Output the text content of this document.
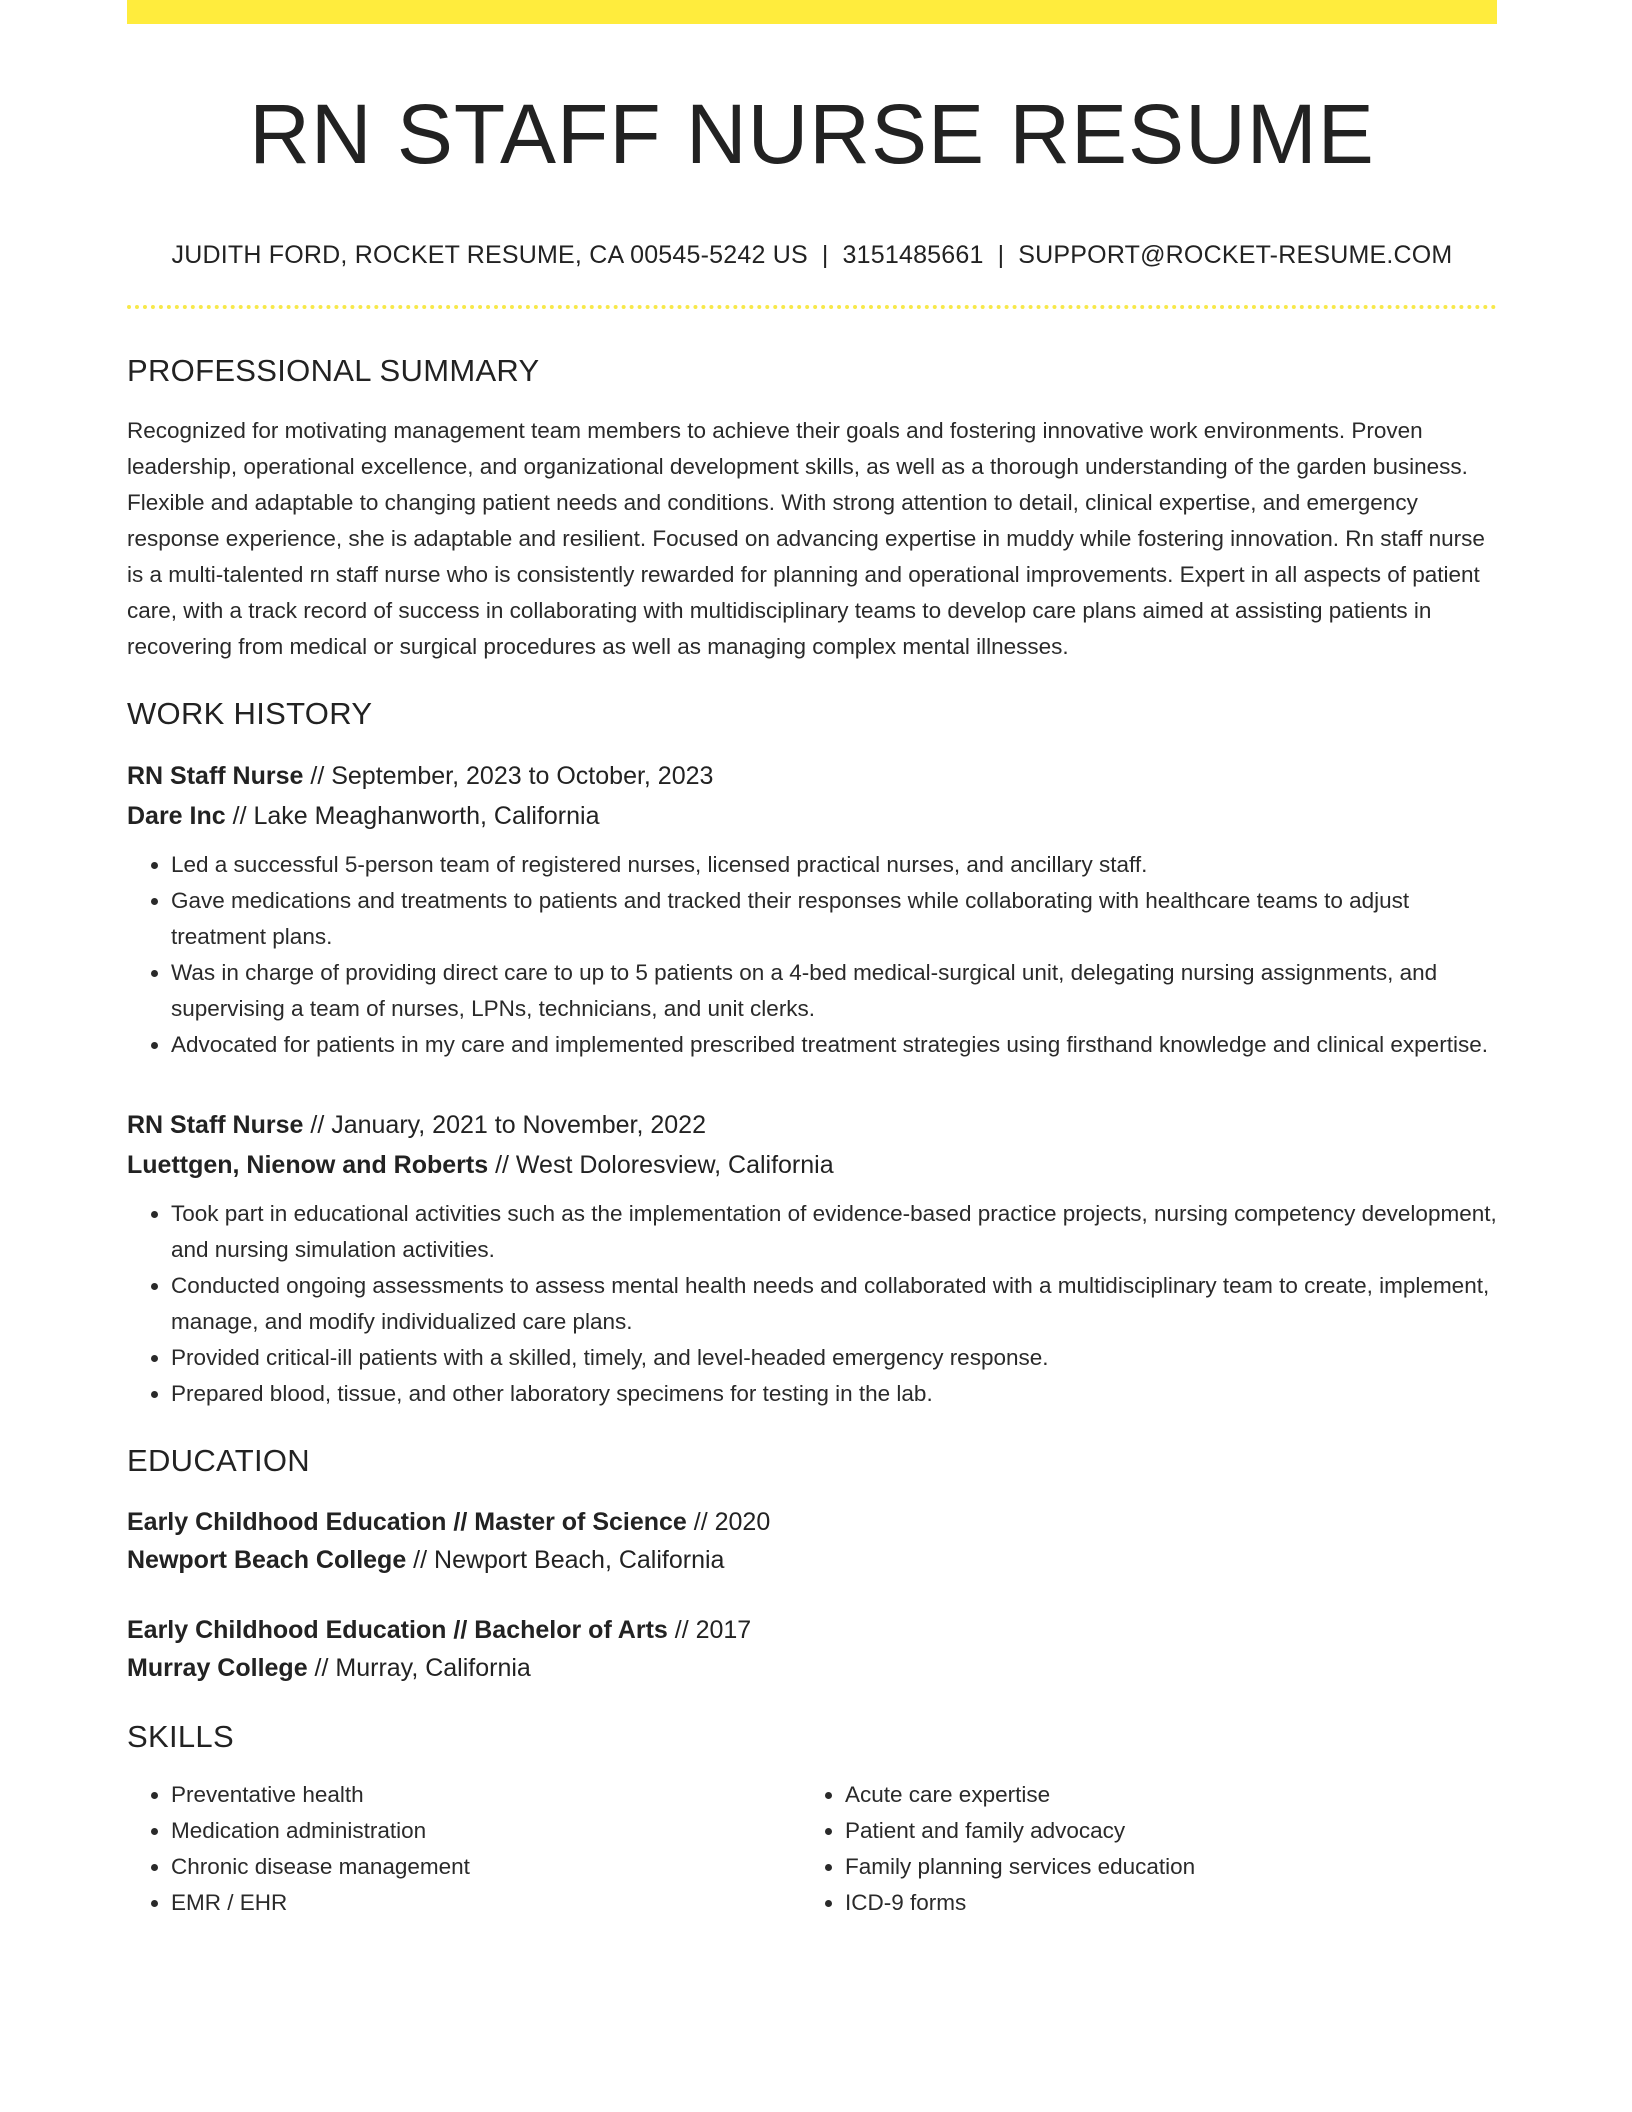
RN STAFF NURSE RESUME
JUDITH FORD, ROCKET RESUME, CA 00545-5242 US | 3151485661 | SUPPORT@ROCKET-RESUME.COM
PROFESSIONAL SUMMARY
Recognized for motivating management team members to achieve their goals and fostering innovative work environments. Proven leadership, operational excellence, and organizational development skills, as well as a thorough understanding of the garden business. Flexible and adaptable to changing patient needs and conditions. With strong attention to detail, clinical expertise, and emergency response experience, she is adaptable and resilient. Focused on advancing expertise in muddy while fostering innovation. Rn staff nurse is a multi-talented rn staff nurse who is consistently rewarded for planning and operational improvements. Expert in all aspects of patient care, with a track record of success in collaborating with multidisciplinary teams to develop care plans aimed at assisting patients in recovering from medical or surgical procedures as well as managing complex mental illnesses.
WORK HISTORY
RN Staff Nurse // September, 2023 to October, 2023
Dare Inc // Lake Meaghanworth, California
• Led a successful 5-person team of registered nurses, licensed practical nurses, and ancillary staff.
• Gave medications and treatments to patients and tracked their responses while collaborating with healthcare teams to adjust treatment plans.
• Was in charge of providing direct care to up to 5 patients on a 4-bed medical-surgical unit, delegating nursing assignments, and supervising a team of nurses, LPNs, technicians, and unit clerks.
• Advocated for patients in my care and implemented prescribed treatment strategies using firsthand knowledge and clinical expertise.
RN Staff Nurse // January, 2021 to November, 2022
Luettgen, Nienow and Roberts // West Doloresview, California
• Took part in educational activities such as the implementation of evidence-based practice projects, nursing competency development, and nursing simulation activities.
• Conducted ongoing assessments to assess mental health needs and collaborated with a multidisciplinary team to create, implement, manage, and modify individualized care plans.
• Provided critical-ill patients with a skilled, timely, and level-headed emergency response.
• Prepared blood, tissue, and other laboratory specimens for testing in the lab.
EDUCATION
Early Childhood Education // Master of Science // 2020
Newport Beach College // Newport Beach, California
Early Childhood Education // Bachelor of Arts // 2017
Murray College // Murray, California
SKILLS
• Preventative health
• Medication administration
• Chronic disease management
• EMR / EHR
• Acute care expertise
• Patient and family advocacy
• Family planning services education
• ICD-9 forms
